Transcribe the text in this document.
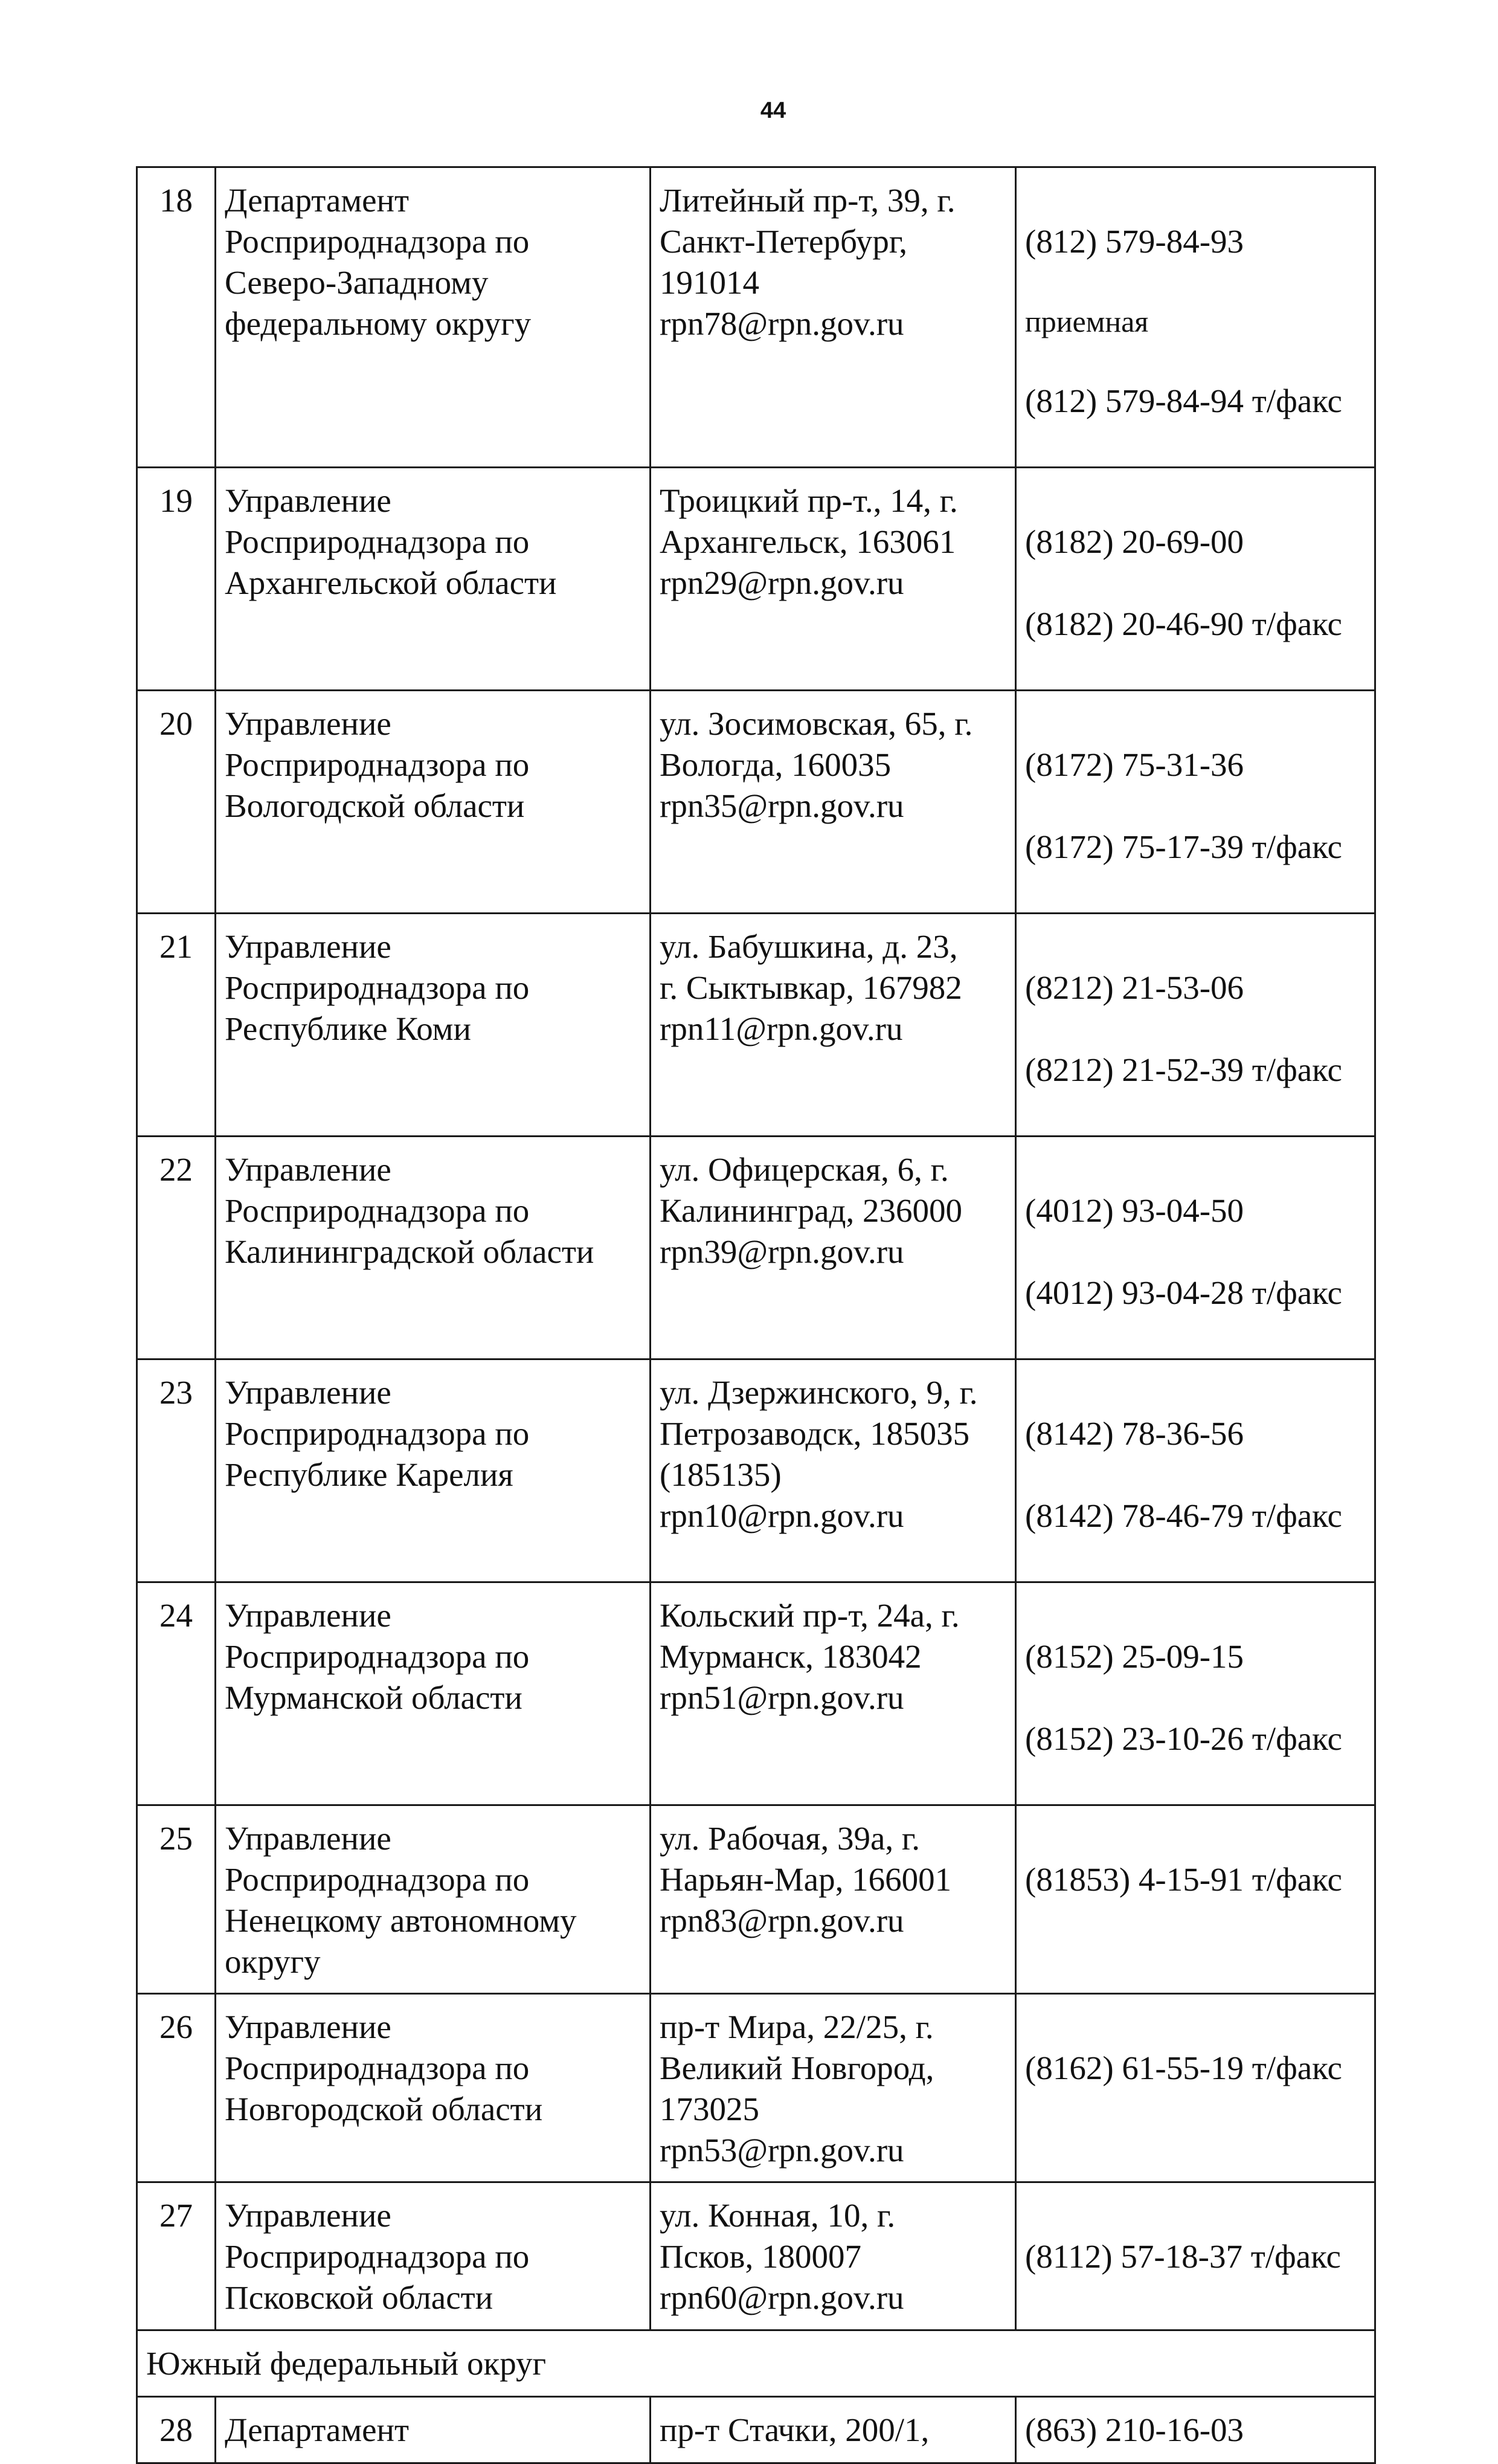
44
18	Департамент
Росприроднадзора по
Северо-Западному
федеральному округу	Литейный пр-т, 39, г.
Санкт-Петербург,
191014
rpn78@rpn.gov.ru	(812) 579-84-93

приемная

(812) 579-84-94 т/факс

19	Управление
Росприроднадзора по
Архангельской области	Троицкий пр-т., 14, г.
Архангельск, 163061
rpn29@rpn.gov.ru	(8182) 20-69-00

(8182) 20-46-90 т/факс

20	Управление
Росприроднадзора по
Вологодской области	ул. Зосимовская, 65, г.
Вологда, 160035
rpn35@rpn.gov.ru	(8172) 75-31-36

(8172) 75-17-39 т/факс

21	Управление
Росприроднадзора по
Республике Коми	ул. Бабушкина, д. 23,
г. Сыктывкар, 167982
rpn11@rpn.gov.ru	(8212) 21-53-06

(8212) 21-52-39 т/факс

22	Управление
Росприроднадзора по
Калининградской области	ул. Офицерская, 6, г.
Калининград, 236000
rpn39@rpn.gov.ru	(4012) 93-04-50

(4012) 93-04-28 т/факс

23	Управление
Росприроднадзора по
Республике Карелия	ул. Дзержинского, 9, г.
Петрозаводск, 185035
(185135)
rpn10@rpn.gov.ru	(8142) 78-36-56

(8142) 78-46-79 т/факс

24	Управление
Росприроднадзора по
Мурманской области	Кольский пр-т, 24а, г.
Мурманск, 183042
rpn51@rpn.gov.ru	(8152) 25-09-15

(8152) 23-10-26 т/факс

25	Управление
Росприроднадзора по
Ненецкому автономному
округу	ул. Рабочая, 39а, г.
Нарьян-Мар, 166001
rpn83@rpn.gov.ru	(81853) 4-15-91 т/факс

26	Управление
Росприроднадзора по
Новгородской области	пр-т Мира, 22/25, г.
Великий Новгород,
173025
rpn53@rpn.gov.ru	(8162) 61-55-19 т/факс

27	Управление
Росприроднадзора по
Псковской области	ул. Конная, 10, г.
Псков, 180007
rpn60@rpn.gov.ru	(8112) 57-18-37 т/факс

Южный федеральный округ			
28	Департамент	пр-т Стачки, 200/1,	(863) 210-16-03
